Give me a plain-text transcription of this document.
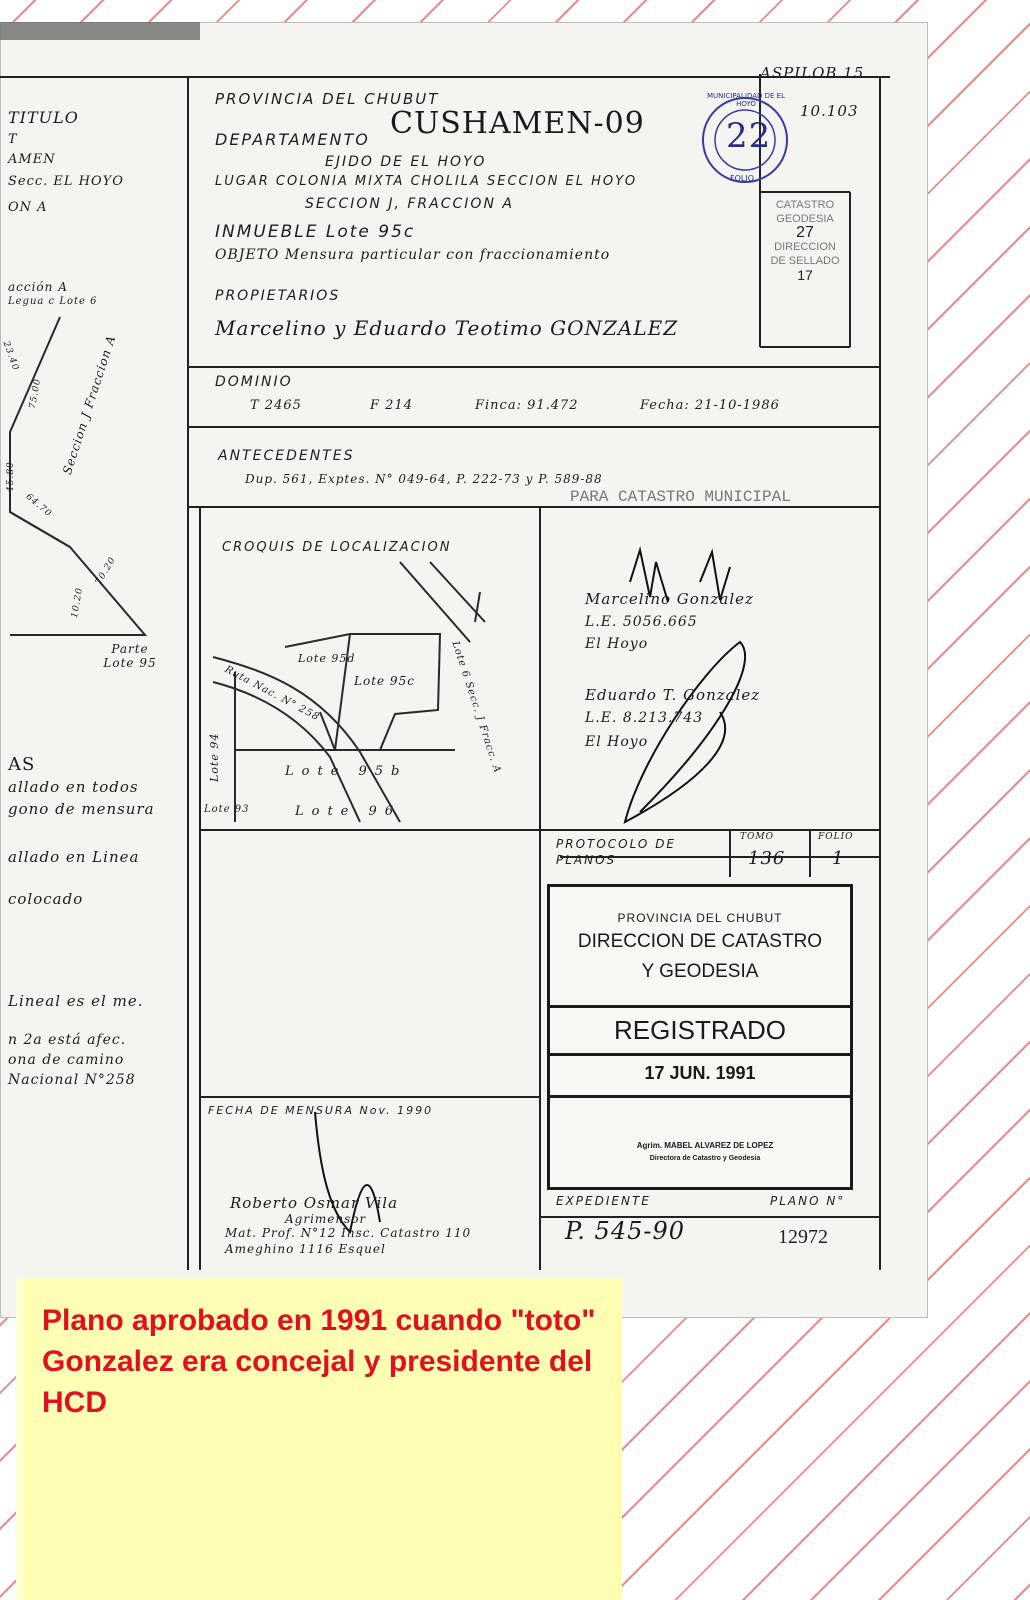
ASPILOB 15
10.103
22
MUNICIPALIDAD DE EL HOYO
FOLIO
PROVINCIA DEL CHUBUT
DEPARTAMENTO CUSHAMEN-09
EJIDO DE EL HOYO
LUGAR COLONIA MIXTA CHOLILA SECCION EL HOYO
SECCION J, FRACCION A
INMUEBLE Lote 95c
OBJETO Mensura particular con fraccionamiento
PROPIETARIOS
Marcelino y Eduardo Teotimo GONZALEZ
CATASTRO
GEODESIA
27
DIRECCION
DE SELLADO
17
DOMINIO
T 2465	F 214	Finca: 91.472	Fecha: 21-10-1986
ANTECEDENTES
Dup. 561, Exptes. N° 049-64, P. 222-73 y P. 589-88
PARA CATASTRO MUNICIPAL
CROQUIS DE LOCALIZACION
Lote 95d
Lote 95c
Lote 95b
Lote 96
Lote 94
Lote 93
Ruta Nac. N° 258	Lote 6 Secc. J Fracc. A
Marcelino Gonzalez
L.E. 5056.665
El Hoyo
Eduardo T. Gonzalez
L.E. 8.213.743
El Hoyo
PROTOCOLO DE PLANOS
TOMO
136
FOLIO
1
PROVINCIA DEL CHUBUT
DIRECCION DE CATASTRO
Y GEODESIA
REGISTRADO
17 JUN. 1991
Agrim. MABEL ALVAREZ DE LOPEZ
Directora de Catastro y Geodesia
FECHA DE MENSURA Nov. 1990
Roberto Osmar Vila
Agrimensor
Mat. Prof. N°12 Insc. Catastro 110
Ameghino 1116 Esquel
EXPEDIENTE	PLANO N°
P. 545-90	12972
TITULO
T
AMEN
Secc. EL HOYO
ON A
acción A
Legua c Lote 6
Seccion J Fraccion A
Parte Lote 95
AS
allado en todos
gono de mensura
allado en Linea
colocado
Lineal es el me.
n 2a está afec.
ona de camino
Nacional N°258
45.80
75.00
23.40
64.70
70.20
10.20
Plano aprobado en 1991 cuando "toto" Gonzalez era concejal y presidente del HCD
